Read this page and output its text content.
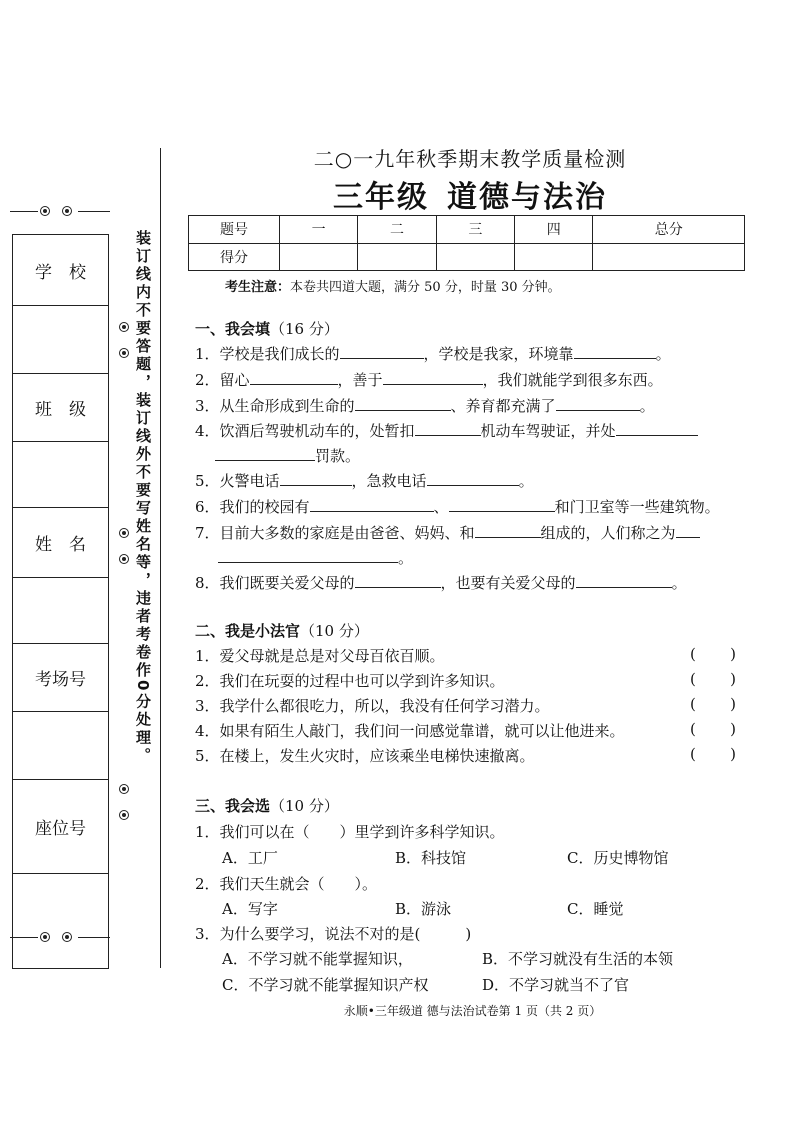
学　校
班　级
姓　名
考场号
座位号
装订线内不要答题，装订线外不要写姓名等，违者考卷作0分处理。
二○一九年秋季期末教学质量检测
三年级 道德与法治
题号	一	二	三	四	总分
得分					
考生注意：本卷共四道大题，满分 50 分，时量 30 分钟。
一、我会填（16 分）
1．学校是我们成长的	，学校是我家，环境靠	。
2．留心	，善于	，我们就能学到很多东西。
3．从生命形成到生命的	、养育都充满了	。
4．饮酒后驾驶机动车的，处暂扣	机动车驾驶证，并处
罚款。
5．火警电话	，急救电话	。
6．我们的校园有	、	和门卫室等一些建筑物。
7．目前大多数的家庭是由爸爸、妈妈、和	组成的，人们称之为
。
8．我们既要关爱父母的	，也要有关爱父母的	。
二、我是小法官（10 分）
1．爱父母就是总是对父母百依百顺。	( )
2．我们在玩耍的过程中也可以学到许多知识。	( )
3．我学什么都很吃力，所以，我没有任何学习潜力。	( )
4．如果有陌生人敲门，我们问一问感觉靠谱，就可以让他进来。	( )
5．在楼上，发生火灾时，应该乘坐电梯快速撤离。	( )
三、我会选（10 分）
1．我们可以在（　　）里学到许多科学知识。
A．工厂	B．科技馆	C．历史博物馆
2．我们天生就会（　　）。
A．写字	B．游泳	C．睡觉
3．为什么要学习，说法不对的是(　　　)
A．不学习就不能掌握知识，	B．不学习就没有生活的本领
C．不学习就不能掌握知识产权	D．不学习就当不了官
永顺•三年级道 德与法治试卷第 1 页（共 2 页）
